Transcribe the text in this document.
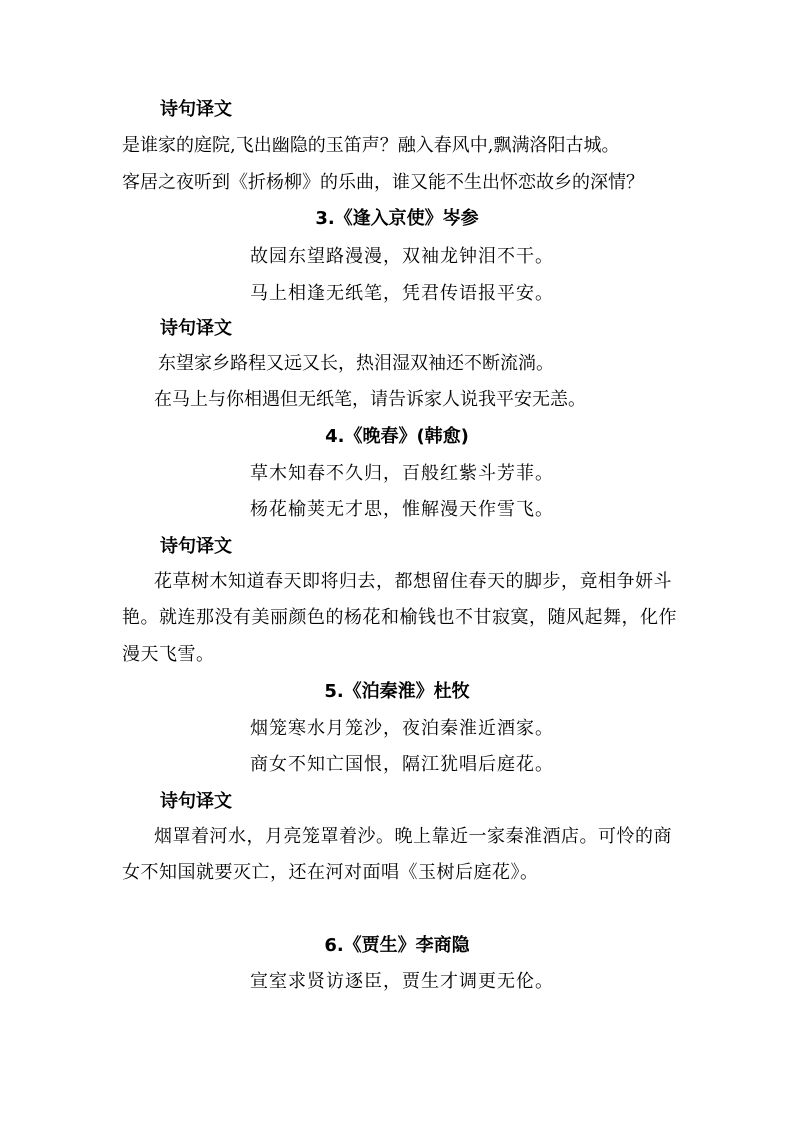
诗句译文
是谁家的庭院,飞出幽隐的玉笛声？融入春风中,飘满洛阳古城。
客居之夜听到《折杨柳》的乐曲，谁又能不生出怀恋故乡的深情？
3.《逢入京使》岑参
故园东望路漫漫，双袖龙钟泪不干。
马上相逢无纸笔，凭君传语报平安。
诗句译文
东望家乡路程又远又长，热泪湿双袖还不断流淌。
在马上与你相遇但无纸笔，请告诉家人说我平安无恙。
4.《晚春》(韩愈)
草木知春不久归，百般红紫斗芳菲。
杨花榆荚无才思，惟解漫天作雪飞。
诗句译文
花草树木知道春天即将归去，都想留住春天的脚步，竟相争妍斗
艳。就连那没有美丽颜色的杨花和榆钱也不甘寂寞，随风起舞，化作
漫天飞雪。
5.《泊秦淮》杜牧
烟笼寒水月笼沙，夜泊秦淮近酒家。
商女不知亡国恨，隔江犹唱后庭花。
诗句译文
烟罩着河水，月亮笼罩着沙。晚上靠近一家秦淮酒店。可怜的商
女不知国就要灭亡，还在河对面唱《玉树后庭花》。
6.《贾生》李商隐
宣室求贤访逐臣，贾生才调更无伦。
